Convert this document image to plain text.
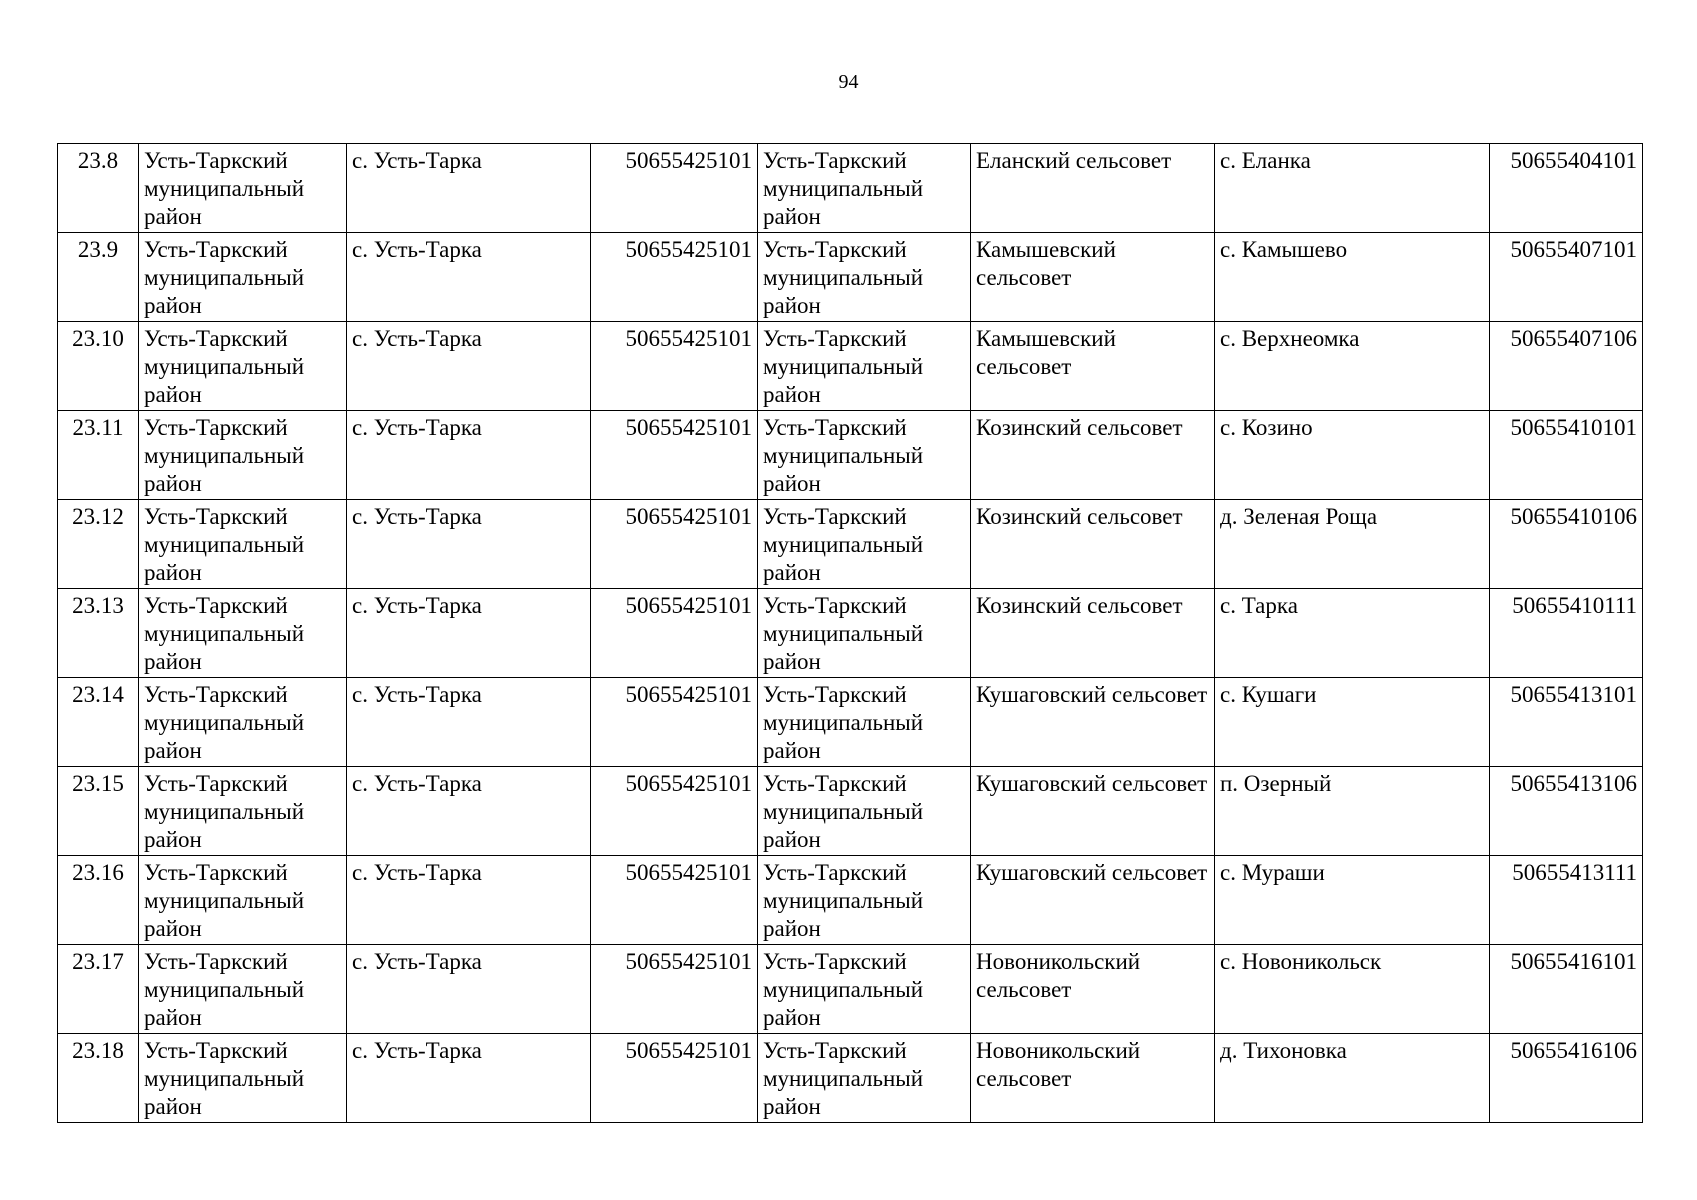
94
23.8	Усть-Таркский муниципальный район	с. Усть-Тарка	50655425101	Усть-Таркский муниципальный район	Еланский сельсовет	с. Еланка	50655404101
23.9	Усть-Таркский муниципальный район	с. Усть-Тарка	50655425101	Усть-Таркский муниципальный район	Камышевский сельсовет	с. Камышево	50655407101
23.10	Усть-Таркский муниципальный район	с. Усть-Тарка	50655425101	Усть-Таркский муниципальный район	Камышевский сельсовет	с. Верхнеомка	50655407106
23.11	Усть-Таркский муниципальный район	с. Усть-Тарка	50655425101	Усть-Таркский муниципальный район	Козинский сельсовет	с. Козино	50655410101
23.12	Усть-Таркский муниципальный район	с. Усть-Тарка	50655425101	Усть-Таркский муниципальный район	Козинский сельсовет	д. Зеленая Роща	50655410106
23.13	Усть-Таркский муниципальный район	с. Усть-Тарка	50655425101	Усть-Таркский муниципальный район	Козинский сельсовет	с. Тарка	50655410111
23.14	Усть-Таркский муниципальный район	с. Усть-Тарка	50655425101	Усть-Таркский муниципальный район	Кушаговский сельсовет	с. Кушаги	50655413101
23.15	Усть-Таркский муниципальный район	с. Усть-Тарка	50655425101	Усть-Таркский муниципальный район	Кушаговский сельсовет	п. Озерный	50655413106
23.16	Усть-Таркский муниципальный район	с. Усть-Тарка	50655425101	Усть-Таркский муниципальный район	Кушаговский сельсовет	с. Мураши	50655413111
23.17	Усть-Таркский муниципальный район	с. Усть-Тарка	50655425101	Усть-Таркский муниципальный район	Новоникольский сельсовет	с. Новоникольск	50655416101
23.18	Усть-Таркский муниципальный район	с. Усть-Тарка	50655425101	Усть-Таркский муниципальный район	Новоникольский сельсовет	д. Тихоновка	50655416106
